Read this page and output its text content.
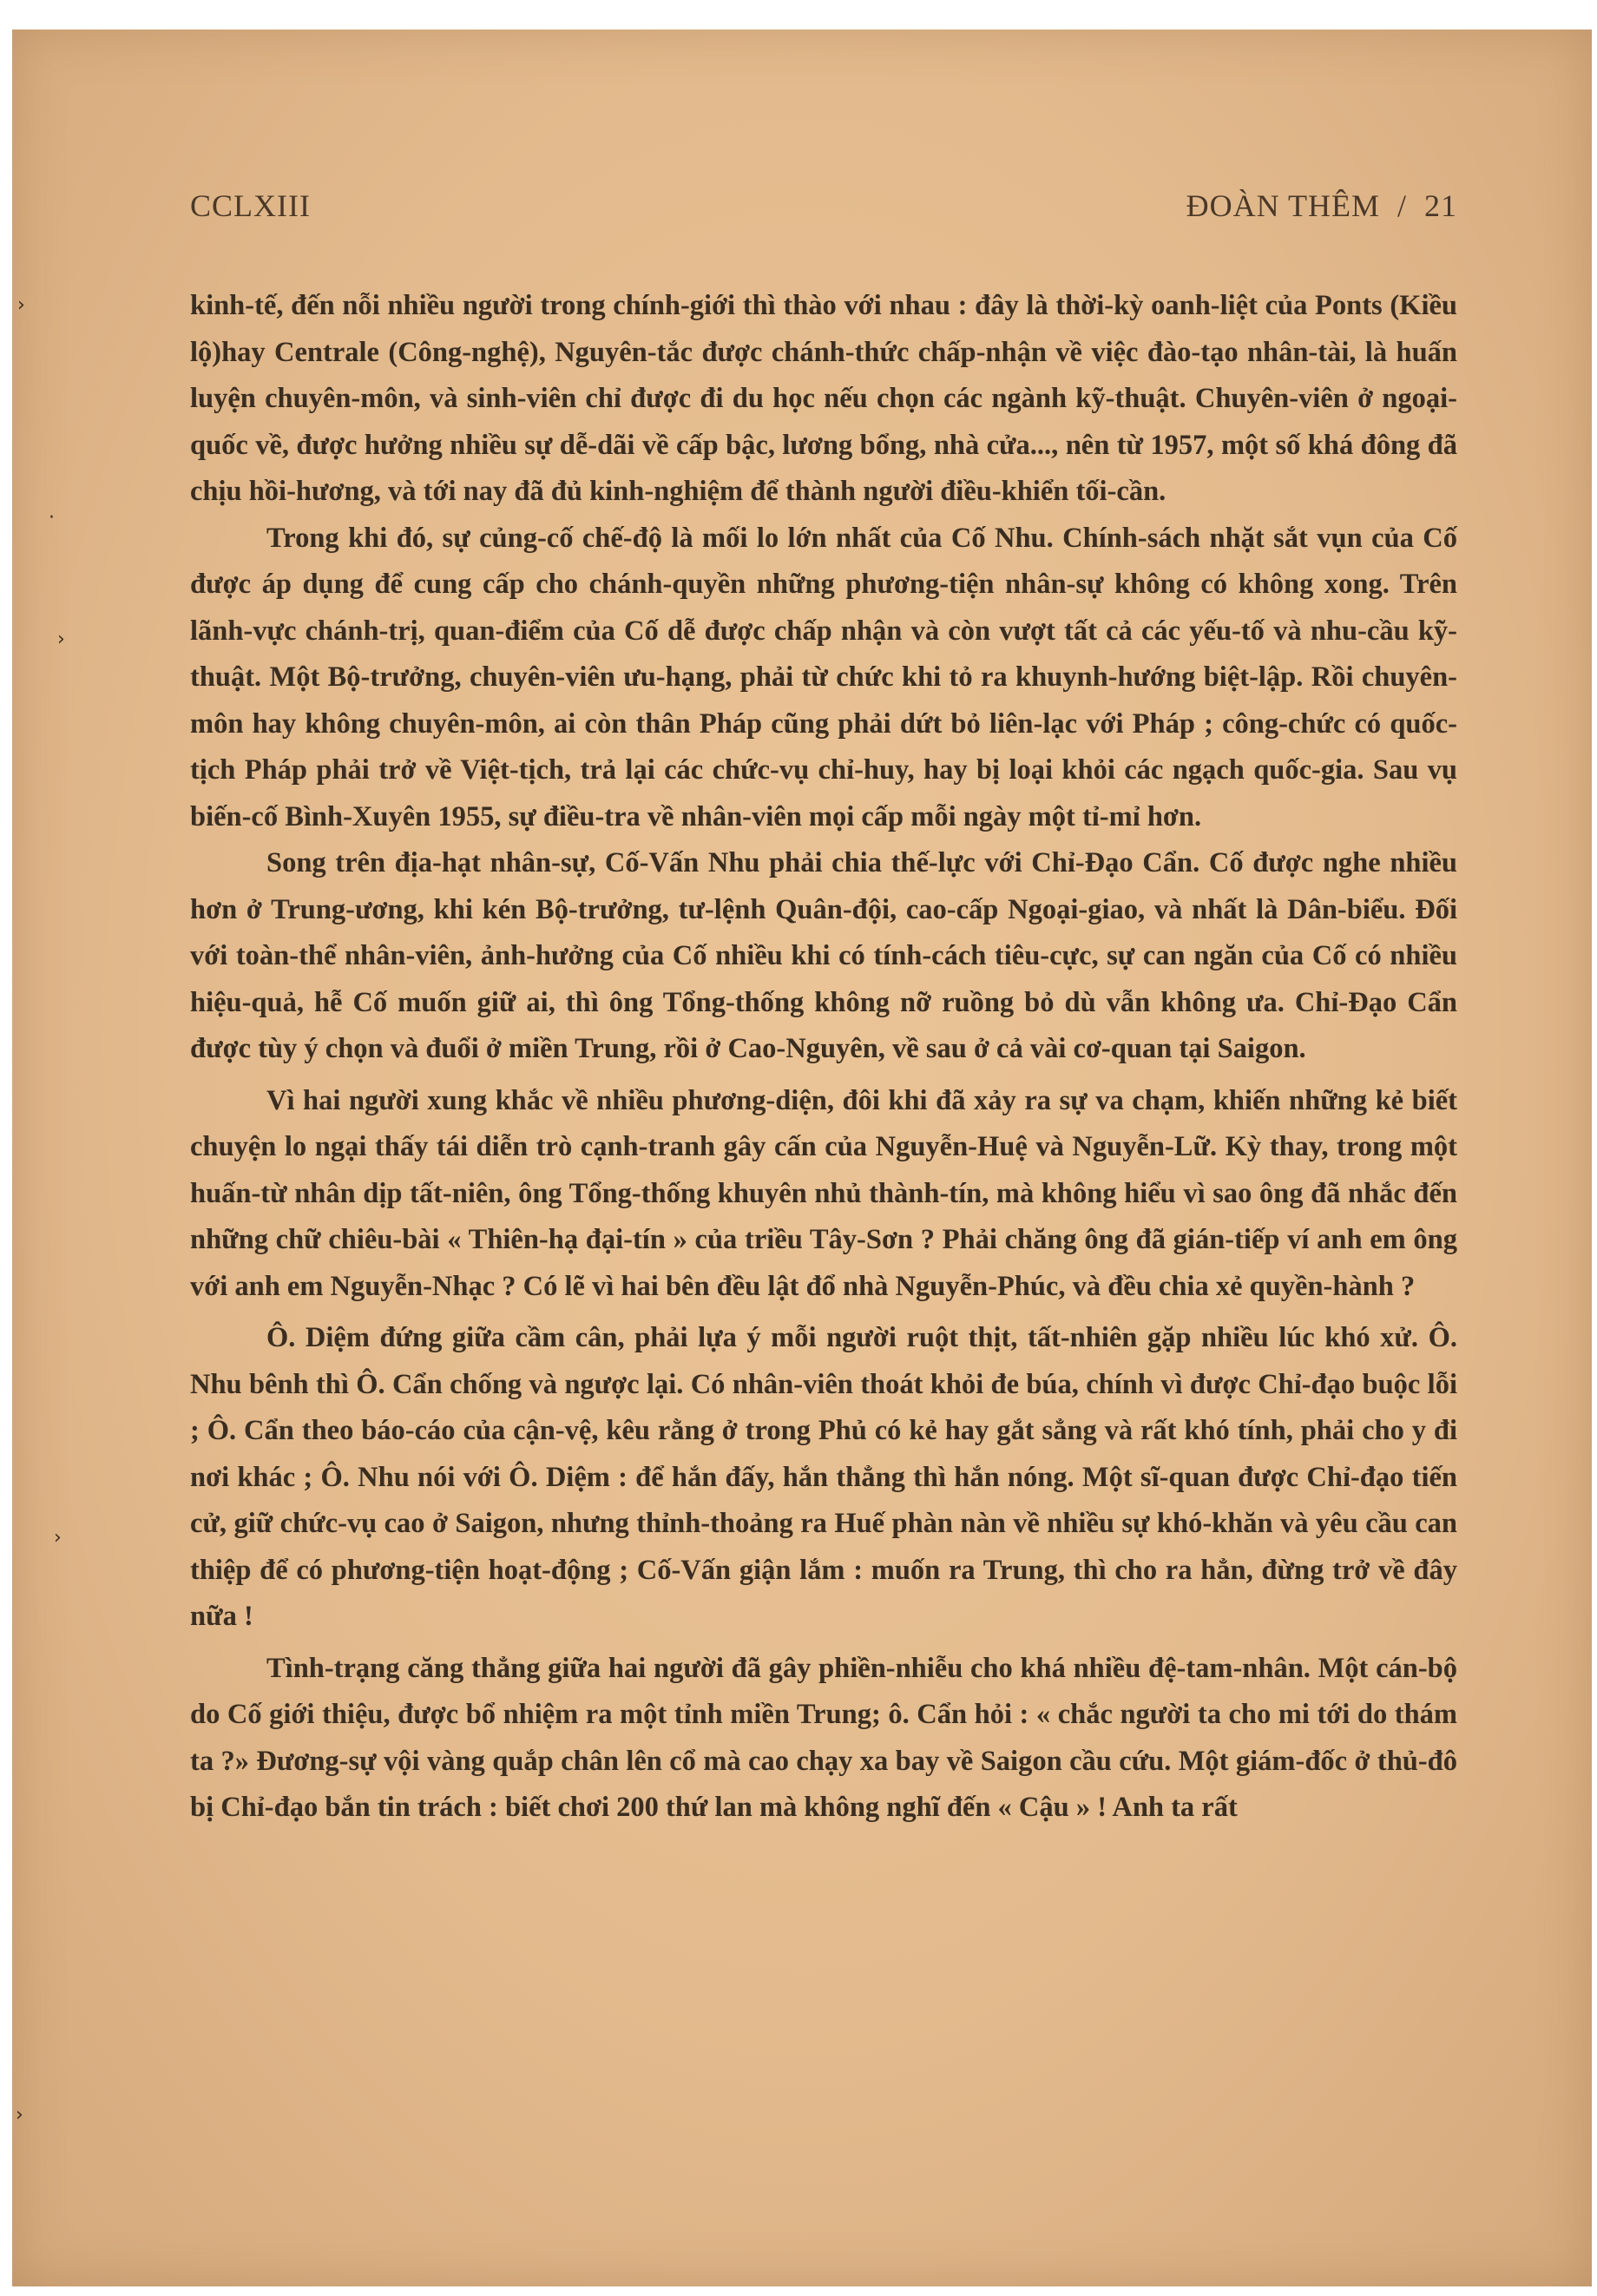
CCLXIII	ĐOÀN THÊM  /  21

kinh-tế, đến nỗi nhiều người trong chính-giới thì thào với nhau : đây là thời-kỳ oanh-liệt của Ponts (Kiều lộ)hay Centrale (Công-nghệ), Nguyên-tắc được chánh-thức chấp-nhận về việc đào-tạo nhân-tài, là huấn luyện chuyên-môn, và sinh-viên chỉ được đi du học nếu chọn các ngành kỹ-thuật. Chuyên-viên ở ngoại-quốc về, được hưởng nhiều sự dễ-dãi về cấp bậc, lương bổng, nhà cửa..., nên từ 1957, một số khá đông đã chịu hồi-hương, và tới nay đã đủ kinh-nghiệm để thành người điều-khiển tối-cần.

Trong khi đó, sự củng-cố chế-độ là mối lo lớn nhất của Cố Nhu. Chính-sách nhặt sắt vụn của Cố được áp dụng để cung cấp cho chánh-quyền những phương-tiện nhân-sự không có không xong. Trên lãnh-vực chánh-trị, quan-điểm của Cố dễ được chấp nhận và còn vượt tất cả các yếu-tố và nhu-cầu kỹ-thuật. Một Bộ-trưởng, chuyên-viên ưu-hạng, phải từ chức khi tỏ ra khuynh-hướng biệt-lập. Rồi chuyên-môn hay không chuyên-môn, ai còn thân Pháp cũng phải dứt bỏ liên-lạc với Pháp ; công-chức có quốc-tịch Pháp phải trở về Việt-tịch, trả lại các chức-vụ chỉ-huy, hay bị loại khỏi các ngạch quốc-gia. Sau vụ biến-cố Bình-Xuyên 1955, sự điều-tra về nhân-viên mọi cấp mỗi ngày một tỉ-mỉ hơn.

Song trên địa-hạt nhân-sự, Cố-Vấn Nhu phải chia thế-lực với Chỉ-Đạo Cẩn. Cố được nghe nhiều hơn ở Trung-ương, khi kén Bộ-trưởng, tư-lệnh Quân-đội, cao-cấp Ngoại-giao, và nhất là Dân-biểu. Đối với toàn-thể nhân-viên, ảnh-hưởng của Cố nhiều khi có tính-cách tiêu-cực, sự can ngăn của Cố có nhiều hiệu-quả, hễ Cố muốn giữ ai, thì ông Tổng-thống không nỡ ruồng bỏ dù vẫn không ưa. Chỉ-Đạo Cẩn được tùy ý chọn và đuổi ở miền Trung, rồi ở Cao-Nguyên, về sau ở cả vài cơ-quan tại Saigon.

Vì hai người xung khắc về nhiều phương-diện, đôi khi đã xảy ra sự va chạm, khiến những kẻ biết chuyện lo ngại thấy tái diễn trò cạnh-tranh gây cấn của Nguyễn-Huệ và Nguyễn-Lữ. Kỳ thay, trong một huấn-từ nhân dịp tất-niên, ông Tổng-thống khuyên nhủ thành-tín, mà không hiểu vì sao ông đã nhắc đến những chữ chiêu-bài « Thiên-hạ đại-tín » của triều Tây-Sơn ? Phải chăng ông đã gián-tiếp ví anh em ông với anh em Nguyễn-Nhạc ? Có lẽ vì hai bên đều lật đổ nhà Nguyễn-Phúc, và đều chia xẻ quyền-hành ?

Ô. Diệm đứng giữa cầm cân, phải lựa ý mỗi người ruột thịt, tất-nhiên gặp nhiều lúc khó xử. Ô. Nhu bênh thì Ô. Cẩn chống và ngược lại. Có nhân-viên thoát khỏi đe búa, chính vì được Chỉ-đạo buộc lỗi ; Ô. Cẩn theo báo-cáo của cận-vệ, kêu rằng ở trong Phủ có kẻ hay gắt sẳng và rất khó tính, phải cho y đi nơi khác ; Ô. Nhu nói với Ô. Diệm : để hắn đấy, hắn thẳng thì hắn nóng. Một sĩ-quan được Chỉ-đạo tiến cử, giữ chức-vụ cao ở Saigon, nhưng thỉnh-thoảng ra Huế phàn nàn về nhiều sự khó-khăn và yêu cầu can thiệp để có phương-tiện hoạt-động ; Cố-Vấn giận lắm : muốn ra Trung, thì cho ra hẳn, đừng trở về đây nữa !

Tình-trạng căng thẳng giữa hai người đã gây phiền-nhiễu cho khá nhiều đệ-tam-nhân. Một cán-bộ do Cố giới thiệu, được bổ nhiệm ra một tỉnh miền Trung; ô. Cẩn hỏi : « chắc người ta cho mi tới do thám ta ?» Đương-sự vội vàng quắp chân lên cổ mà cao chạy xa bay về Saigon cầu cứu. Một giám-đốc ở thủ-đô bị Chỉ-đạo bắn tin trách : biết chơi 200 thứ lan mà không nghĩ đến « Cậu » ! Anh ta rất

›
·
›
›
›
